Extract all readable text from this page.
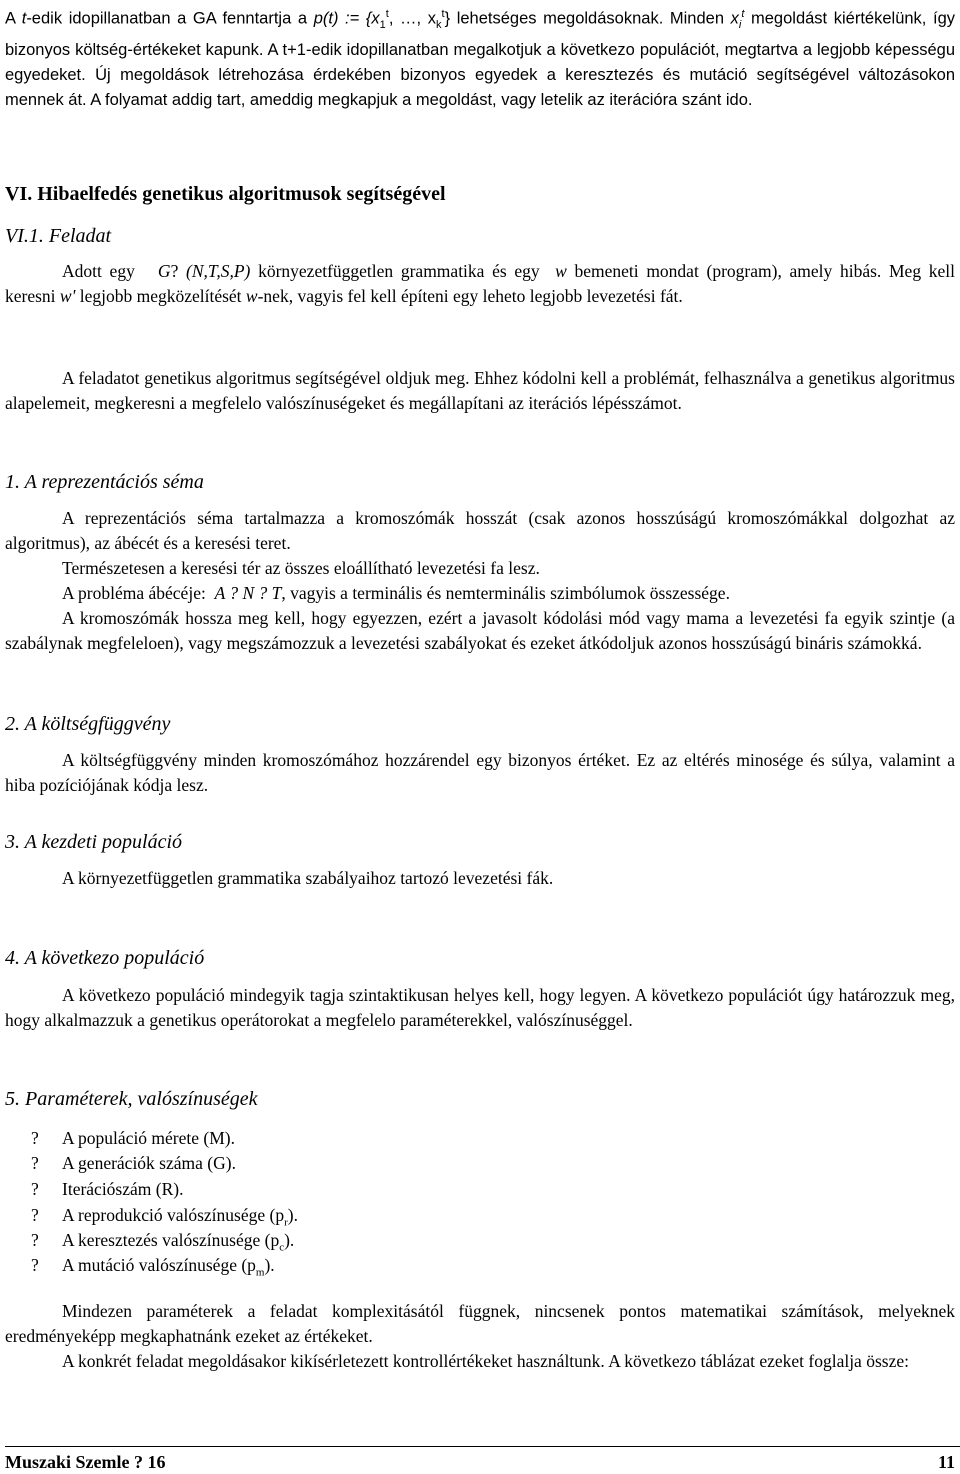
A t-edik idopillanatban a GA fenntartja a p(t) := {$x_1^t$, …, $x_k^t$} lehetséges megoldásoknak. Minden $x_i^t$ megoldást kiértékelünk, így bizonyos költség-értékeket kapunk. A t+1-edik idopillanatban megalkotjuk a következo populációt, megtartva a legjobb képességu egyedeket. Új megoldások létrehozása érdekében bizonyos egyedek a keresztezés és mutáció segítségével változásokon mennek át. A folyamat addig tart, ameddig megkapjuk a megoldást, vagy letelik az iterációra szánt ido.
VI. Hibaelfedés genetikus algoritmusok segítségével
VI.1. Feladat
Adott egy G? (N,T,S,P) környezetfüggetlen grammatika és egy w bemeneti mondat (program), amely hibás. Meg kell keresni w' legjobb megközelítését w-nek, vagyis fel kell építeni egy leheto legjobb levezetési fát.
A feladatot genetikus algoritmus segítségével oldjuk meg. Ehhez kódolni kell a problémát, felhasználva a genetikus algoritmus alapelemeit, megkeresni a megfelelo valószínuségeket és megállapítani az iterációs lépésszámot.
1. A reprezentációs séma
A reprezentációs séma tartalmazza a kromoszómák hosszát (csak azonos hosszúságú kromoszómákkal dolgozhat az algoritmus), az ábécét és a keresési teret.
Természetesen a keresési tér az összes eloállítható levezetési fa lesz.
A probléma ábécéje: A ? N ? T, vagyis a terminális és nemterminális szimbólumok összessége.
A kromoszómák hossza meg kell, hogy egyezzen, ezért a javasolt kódolási mód vagy mama a levezetési fa egyik szintje (a szabálynak megfeleloen), vagy megszámozzuk a levezetési szabályokat és ezeket átkódoljuk azonos hosszúságú bináris számokká.
2. A költségfüggvény
A költségfüggvény minden kromoszómához hozzárendel egy bizonyos értéket. Ez az eltérés minosége és súlya, valamint a hiba pozíciójának kódja lesz.
3. A kezdeti populáció
A környezetfüggetlen grammatika szabályaihoz tartozó levezetési fák.
4. A következo populáció
A következo populáció mindegyik tagja szintaktikusan helyes kell, hogy legyen. A következo populációt úgy határozzuk meg, hogy alkalmazzuk a genetikus operátorokat a megfelelo paraméterekkel, valószínuséggel.
5. Paraméterek, valószínuségek
? A populáció mérete (M).
? A generációk száma (G).
? Iterációszám (R).
? A reprodukció valószínusége $(p_r)$.
? A keresztezés valószínusége $(p_c)$.
? A mutáció valószínusége $(p_m)$.
Mindezen paraméterek a feladat komplexitásától függnek, nincsenek pontos matematikai számítások, melyeknek eredményeképp megkaphatnánk ezeket az értékeket.
A konkrét feladat megoldásakor kikísérletezett kontrollértékeket használtunk. A következo táblázat ezeket foglalja össze:
Muszaki Szemle ? 16	11
